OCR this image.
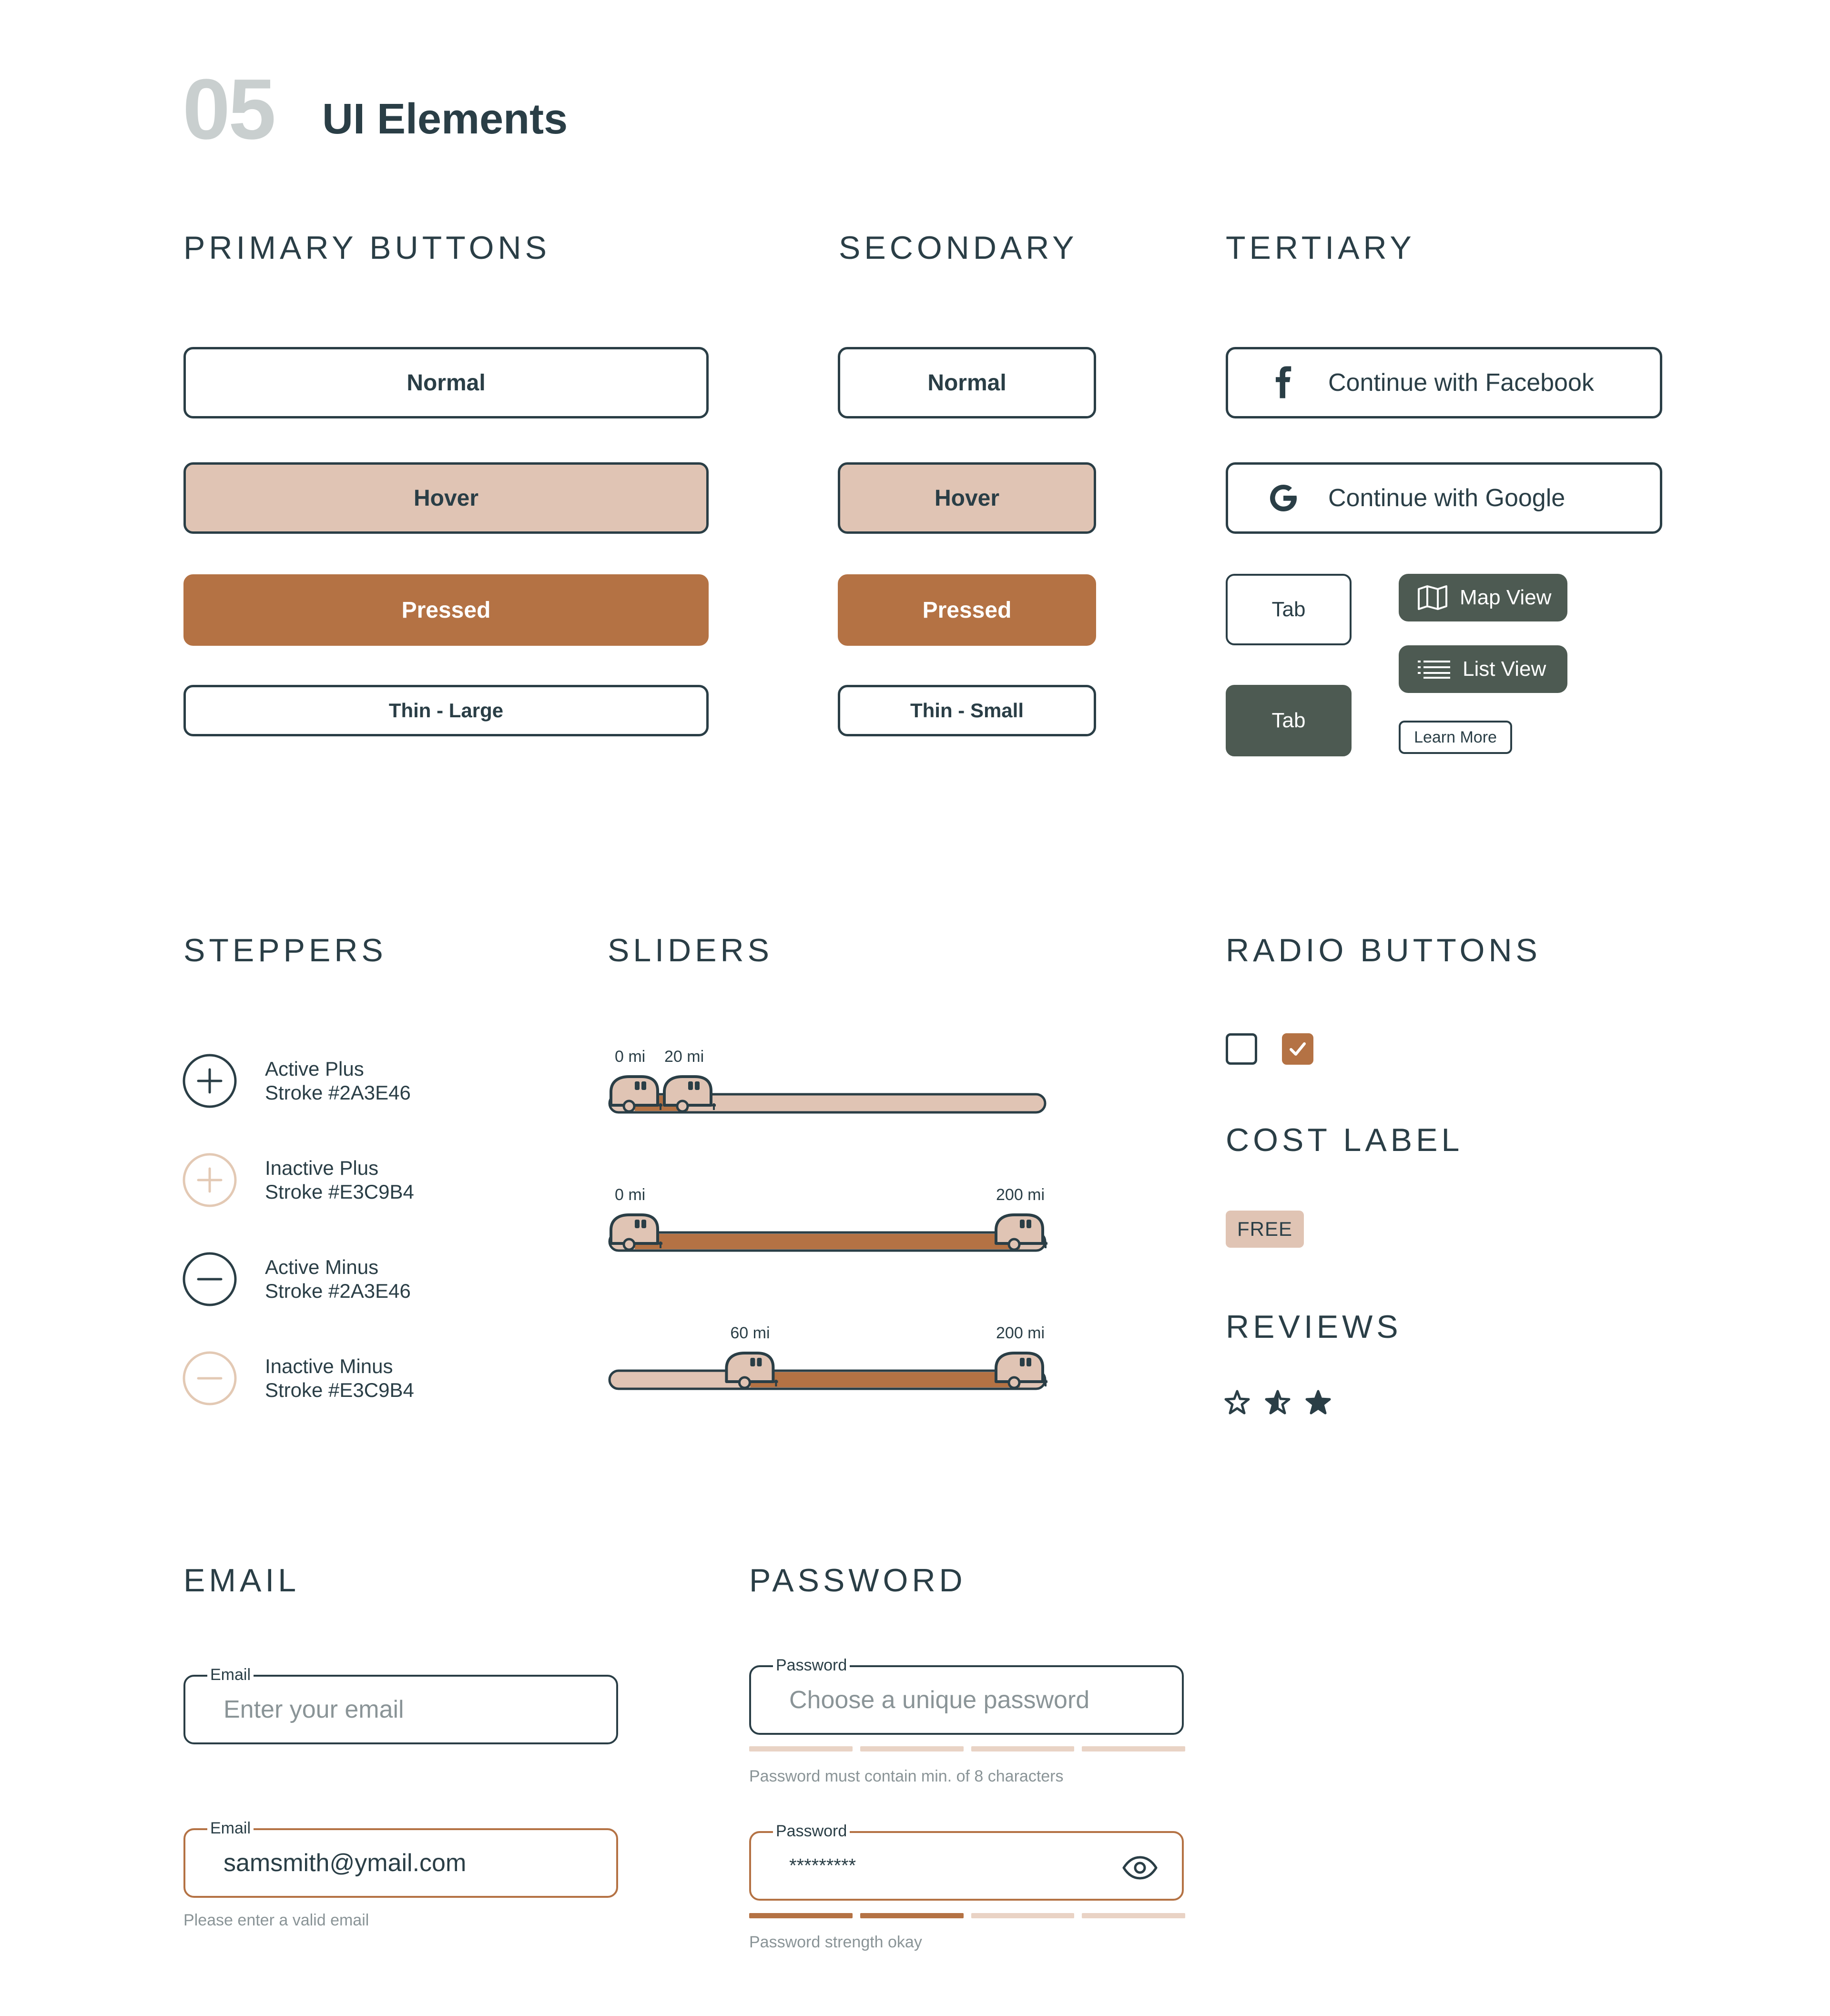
05 UI Elements
PRIMARY BUTTONS	SECONDARY	TERTIARY
Normal
Hover
Pressed
Thin - Large
Normal
Hover
Pressed
Thin - Small
Continue with Facebook
Continue with Google
Tab
Tab
Map View
List View
Learn More
STEPPERS
Active Plus
Stroke #2A3E46
Inactive Plus
Stroke #E3C9B4
Active Minus
Stroke #2A3E46
Inactive Minus
Stroke #E3C9B4
SLIDERS
0 mi 20 mi
0 mi	200 mi
60 mi	200 mi
RADIO BUTTONS
COST LABEL
FREE
REVIEWS
EMAIL
Email
Enter your email
Email
samsmith@ymail.com
Please enter a valid email
PASSWORD
Password
Choose a unique password
Password must contain min. of 8 characters
Password
*********
Password strength okay
